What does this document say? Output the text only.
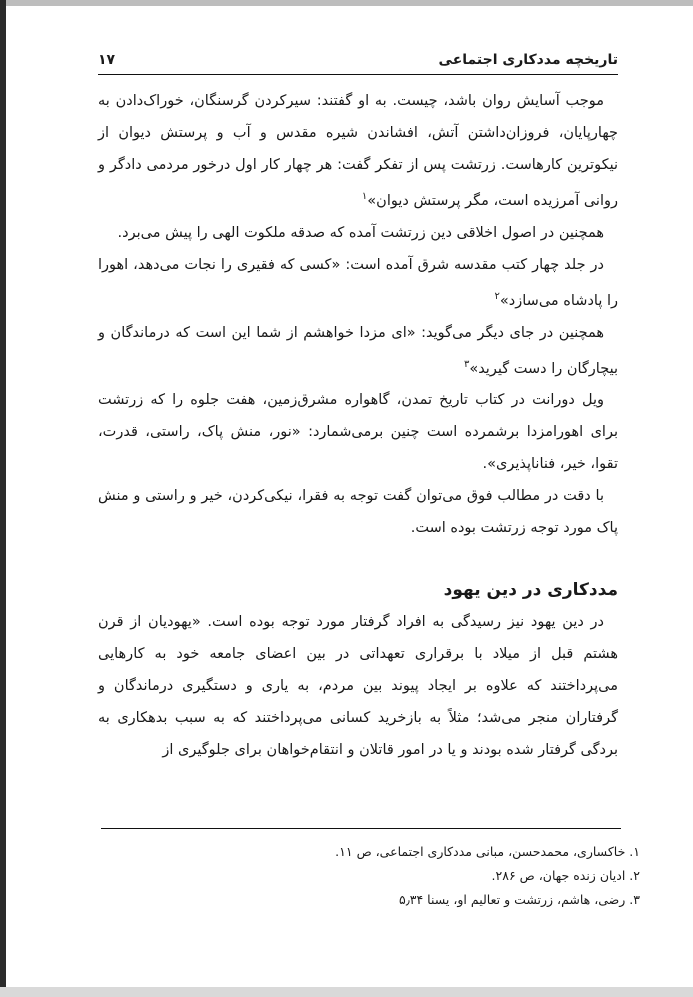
تاريخچه مددكاری اجتماعی
۱۷

موجب آسایش روان باشد، چیست. به او گفتند: سیرکردن گرسنگان، خوراک‌دادن به چهارپایان، فروزان‌داشتن آتش، افشاندن شیره مقدس و آب و پرستش دیوان از نیکوترین کارهاست. زرتشت پس از تفکر گفت: هر چهار کار اول درخور مردمی دادگر و روانی آمرزیده است، مگر پرستش دیوان»$^۱$

همچنین در اصول اخلاقی دین زرتشت آمده که صدقه ملکوت الهی را پیش می‌برد.

در جلد چهار کتب مقدسه شرق آمده است: «کسی که فقیری را نجات می‌دهد، اهورا را پادشاه می‌سازد»$^۲$

همچنین در جای دیگر می‌گوید: «ای مزدا خواهشم از شما این است که درماندگان و بیچارگان را دست گیرید»$^۳$

ویل دورانت در کتاب تاریخ تمدن، گاهواره مشرق‌زمین، هفت جلوه را که زرتشت برای اهورامزدا برشمرده است چنین برمی‌شمارد: «نور، منش پاک، راستی، قدرت، تقوا، خیر، فناناپذیری».

با دقت در مطالب فوق می‌توان گفت توجه به فقرا، نیکی‌کردن، خیر و راستی و منش پاک مورد توجه زرتشت بوده است.

مددكاری در دين يهود

در دین یهود نیز رسیدگی به افراد گرفتار مورد توجه بوده است. «یهودیان از قرن هشتم قبل از میلاد با برقراری تعهداتی در بین اعضای جامعه خود به کارهایی می‌پرداختند که علاوه بر ایجاد پیوند بین مردم، به یاری و دستگیری درماندگان و گرفتاران منجر می‌شد؛ مثلاً به بازخرید کسانی می‌پرداختند که به سبب بدهکاری به بردگی گرفتار شده بودند و یا در امور قاتلان و انتقام‌خواهان برای جلوگیری از

۱. خاکساری، محمدحسن، مبانی مددکاری اجتماعی، ص ۱۱.

۲. ادیان زنده جهان، ص ۲۸۶.

۳. رضی، هاشم، زرتشت و تعالیم او، یسنا ۵٫۳۴
